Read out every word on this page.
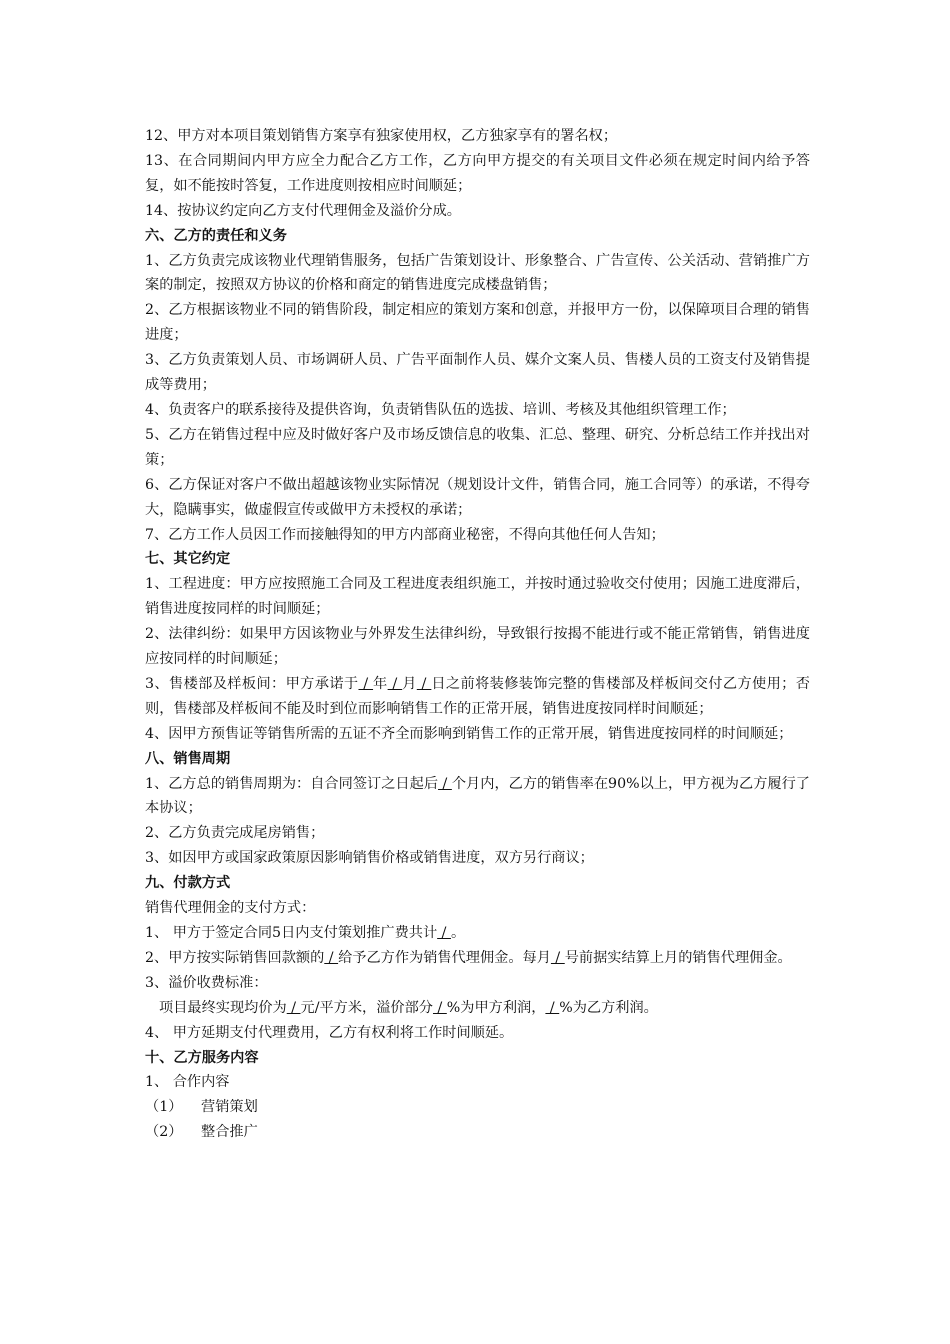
12、甲方对本项目策划销售方案享有独家使用权，乙方独家享有的署名权；

13、在合同期间内甲方应全力配合乙方工作，乙方向甲方提交的有关项目文件必须在规定时间内给予答复，如不能按时答复，工作进度则按相应时间顺延；

14、按协议约定向乙方支付代理佣金及溢价分成。

六、乙方的责任和义务

1、乙方负责完成该物业代理销售服务，包括广告策划设计、形象整合、广告宣传、公关活动、营销推广方案的制定，按照双方协议的价格和商定的销售进度完成楼盘销售；

2、乙方根据该物业不同的销售阶段，制定相应的策划方案和创意，并报甲方一份，以保障项目合理的销售进度；

3、乙方负责策划人员、市场调研人员、广告平面制作人员、媒介文案人员、售楼人员的工资支付及销售提成等费用；

4、负责客户的联系接待及提供咨询，负责销售队伍的选拔、培训、考核及其他组织管理工作；

5、乙方在销售过程中应及时做好客户及市场反馈信息的收集、汇总、整理、研究、分析总结工作并找出对策；

6、乙方保证对客户不做出超越该物业实际情况（规划设计文件，销售合同，施工合同等）的承诺，不得夸大，隐瞒事实，做虚假宣传或做甲方未授权的承诺；

7、乙方工作人员因工作而接触得知的甲方内部商业秘密，不得向其他任何人告知；

七、其它约定

1、工程进度：甲方应按照施工合同及工程进度表组织施工，并按时通过验收交付使用；因施工进度滞后，销售进度按同样的时间顺延；

2、法律纠纷：如果甲方因该物业与外界发生法律纠纷，导致银行按揭不能进行或不能正常销售，销售进度应按同样的时间顺延；

3、售楼部及样板间：甲方承诺于 / 年 / 月 / 日之前将装修装饰完整的售楼部及样板间交付乙方使用；否则，售楼部及样板间不能及时到位而影响销售工作的正常开展，销售进度按同样时间顺延；

4、因甲方预售证等销售所需的五证不齐全而影响到销售工作的正常开展，销售进度按同样的时间顺延；

八、销售周期

1、乙方总的销售周期为：自合同签订之日起后 / 个月内，乙方的销售率在90%以上，甲方视为乙方履行了本协议；

2、乙方负责完成尾房销售；

3、如因甲方或国家政策原因影响销售价格或销售进度，双方另行商议；

九、付款方式

销售代理佣金的支付方式：

1、 甲方于签定合同5日内支付策划推广费共计 / 。

2、甲方按实际销售回款额的 / 给予乙方作为销售代理佣金。每月 / 号前据实结算上月的销售代理佣金。

3、溢价收费标准：

项目最终实现均价为 / 元/平方米，溢价部分 / %为甲方利润， / %为乙方利润。

4、 甲方延期支付代理费用，乙方有权利将工作时间顺延。

十、乙方服务内容

1、 合作内容

（1） 营销策划

（2） 整合推广
